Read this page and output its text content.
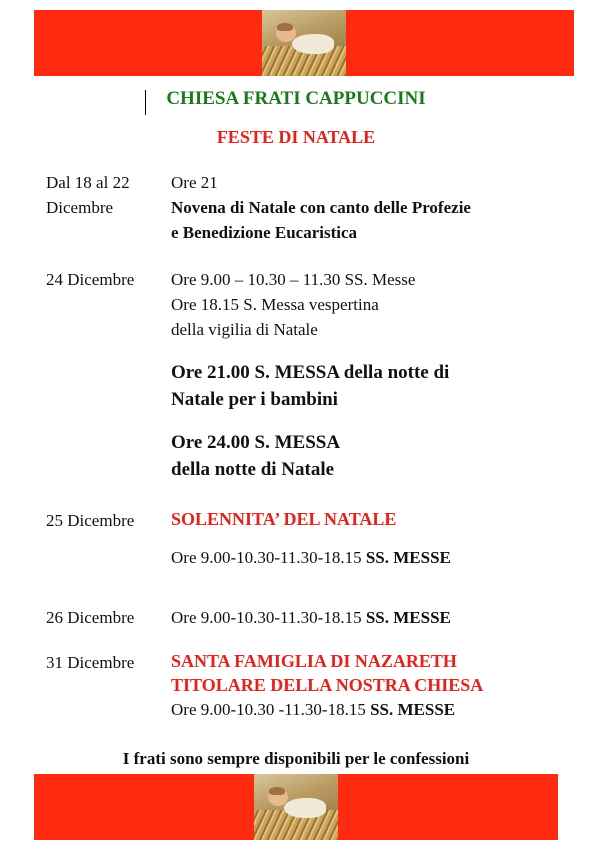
CHIESA FRATI CAPPUCCINI
FESTE DI NATALE
Dal 18 al 22
Dicembre
Ore 21
Novena di Natale con canto delle Profezie
e Benedizione Eucaristica
24 Dicembre Ore 9.00 – 10.30 – 11.30 SS. Messe
Ore 18.15 S. Messa vespertina
della vigilia di Natale
Ore 21.00 S. MESSA della notte di
Natale per i bambini
Ore 24.00 S. MESSA
della notte di Natale
25 Dicembre SOLENNITA’ DEL NATALE
Ore 9.00-10.30-11.30-18.15 SS. MESSE
26 Dicembre Ore 9.00-10.30-11.30-18.15 SS. MESSE
31 Dicembre SANTA FAMIGLIA DI NAZARETH
TITOLARE DELLA NOSTRA CHIESA
Ore 9.00-10.30 -11.30-18.15 SS. MESSE
I frati sono sempre disponibili per le confessioni
